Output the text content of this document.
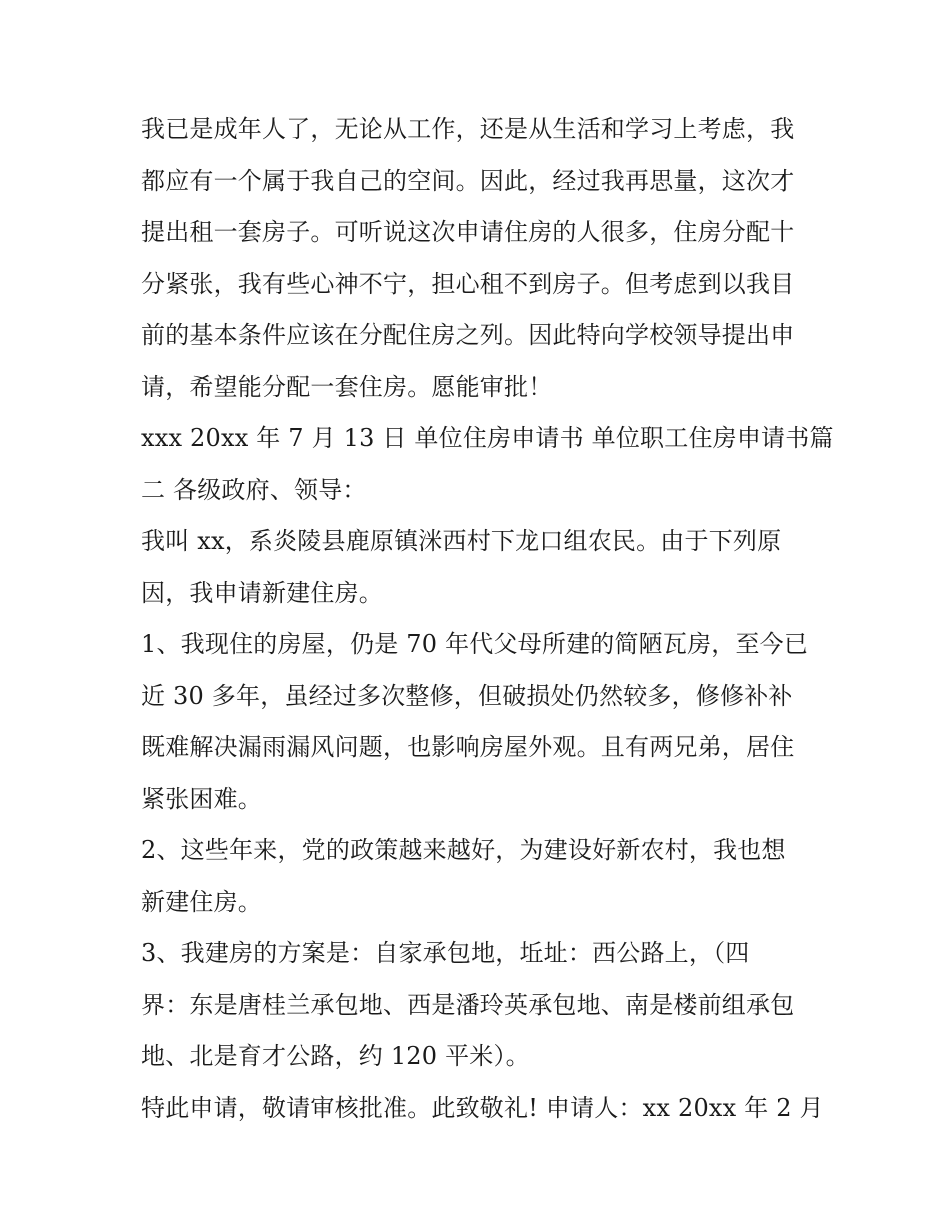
我已是成年人了，无论从工作，还是从生活和学习上考虑，我
都应有一个属于我自己的空间。因此，经过我再思量，这次才
提出租一套房子。可听说这次申请住房的人很多，住房分配十
分紧张，我有些心神不宁，担心租不到房子。但考虑到以我目
前的基本条件应该在分配住房之列。因此特向学校领导提出申
请，希望能分配一套住房。愿能审批！

xxx 20xx 年 7 月 13 日 单位住房申请书 单位职工住房申请书篇
二 各级政府、领导：

我叫 xx，系炎陵县鹿原镇洣西村下龙口组农民。由于下列原
因，我申请新建住房。

1、我现住的房屋，仍是 70 年代父母所建的简陋瓦房，至今已
近 30 多年，虽经过多次整修，但破损处仍然较多，修修补补
既难解决漏雨漏风问题，也影响房屋外观。且有两兄弟，居住
紧张困难。

2、这些年来，党的政策越来越好，为建设好新农村，我也想
新建住房。

3、我建房的方案是：自家承包地，坵址：西公路上，（四
界：东是唐桂兰承包地、西是潘玲英承包地、南是楼前组承包
地、北是育才公路，约 120 平米）。

特此申请，敬请审核批准。此致敬礼! 申请人：xx 20xx 年 2 月
